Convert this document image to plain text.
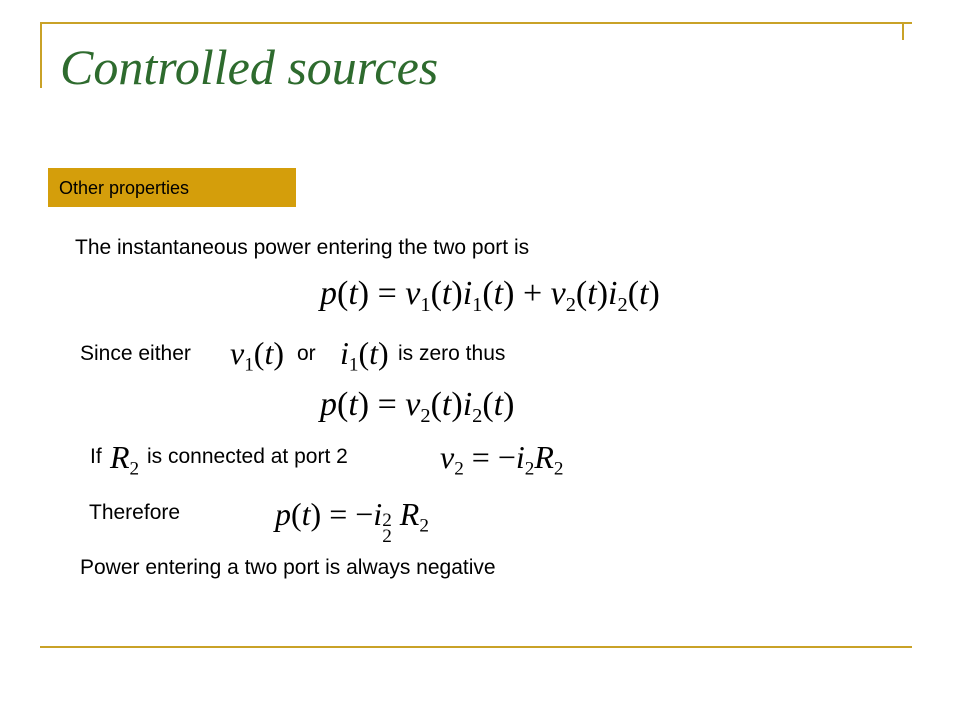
Controlled sources
Other properties
The instantaneous power entering the two port is
$p(t) = v_1(t)i_1(t) + v_2(t)i_2(t)$
Since either $v_1(t)$ or $i_1(t)$ is zero thus
$p(t) = v_2(t)i_2(t)$
If $R_2$
is connected at port 2	$v_2 = -i_2R_2$
Therefore	p(t) = −i 2
2
$R_2$
Power entering a two port is always negative
